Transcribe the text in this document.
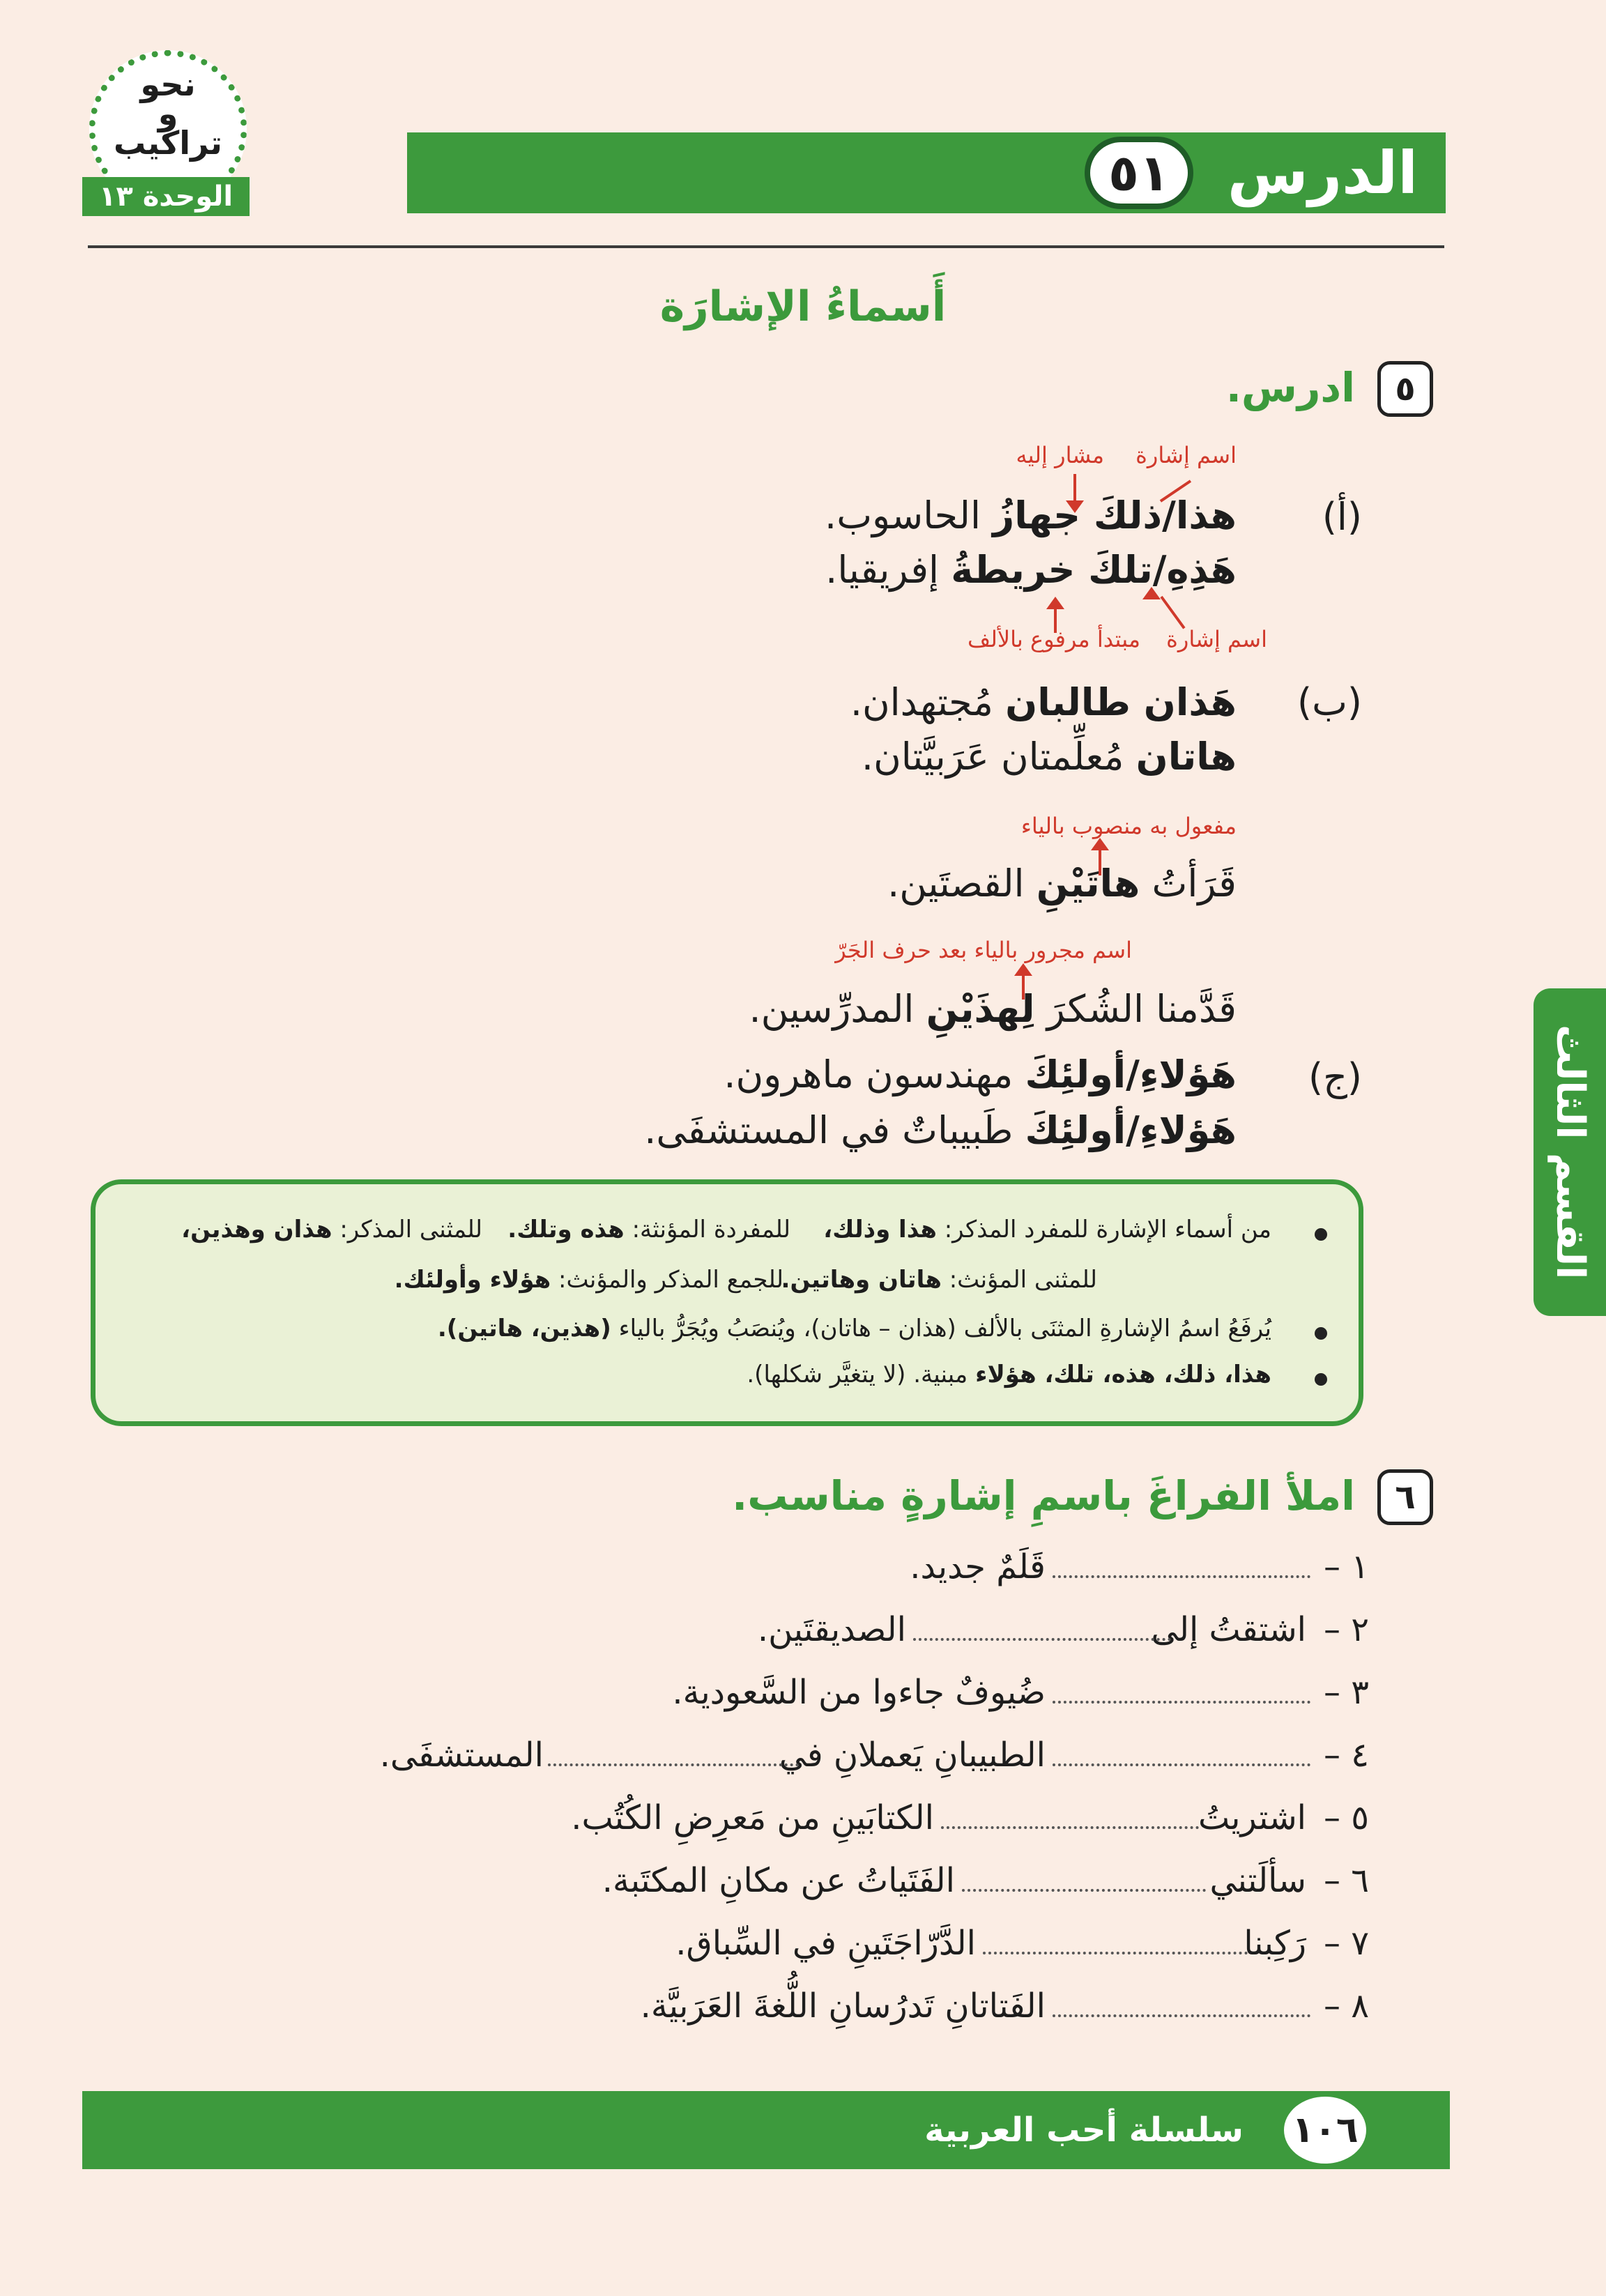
الدرس
٥١
نحو
و
تراكيب
الوحدة ١٣
أَسماءُ الإشارَة
٥
ادرس.
اسم إشارة
مشار إليه
(أ)
هذا/ذلكَ جهازُ الحاسوب.
هَذِهِ/تلكَ خريطةُ إفريقيا.
اسم إشارة
مبتدأ مرفوع بالألف
(ب)
هَذان طالبان مُجتهدان.
هاتان مُعلِّمتان عَرَبيَّتان.
مفعول به منصوب بالياء
قَرَأتُ هاتَيْنِ القصتَين.
اسم مجرور بالياء بعد حرف الجَرّ
قَدَّمنا الشُكرَ لِهذَيْنِ المدرِّسين.
(ج)
هَؤلاءِ/أولئِكَ مهندسون ماهرون.
هَؤلاءِ/أولئِكَ طَبيباتٌ في المستشفَى.
من أسماء الإشارة للمفرد المذكر: هذا وذلك،
للمفردة المؤنثة: هذه وتلك.
للمثنى المذكر: هذان وهذين،
للمثنى المؤنث: هاتان وهاتين.
للجمع المذكر والمؤنث: هؤلاء وأولئك.
يُرفَعُ اسمُ الإشارةِ المثنَى بالألف (هذان – هاتان)، ويُنصَبُ ويُجَرُّ بالياء (هذين، هاتين).
هذا، ذلك، هذه، تلك، هؤلاء مبنية. (لا يتغيَّر شكلها).
٦
املأ الفراغَ باسمِ إشارةٍ مناسب.
١ –
قَلَمٌ جديد.
٢ –
اشتقتُ إلى
الصديقتَين.
٣ –
ضُيوفٌ جاءوا من السَّعودية.
٤ –
الطبيبانِ يَعملانِ في
المستشفَى.
٥ –
اشتريتُ
الكتابَينِ من مَعرِضِ الكُتُب.
٦ –
سألَتني
الفَتَياتُ عن مكانِ المكتَبة.
٧ –
رَكِبنا
الدَّرّاجَتَينِ في السِّباق.
٨ –
الفَتاتانِ تَدرُسانِ اللُّغةَ العَرَبيَّة.
القسم الثالث
١٠٦
سلسلة أحب العربية
